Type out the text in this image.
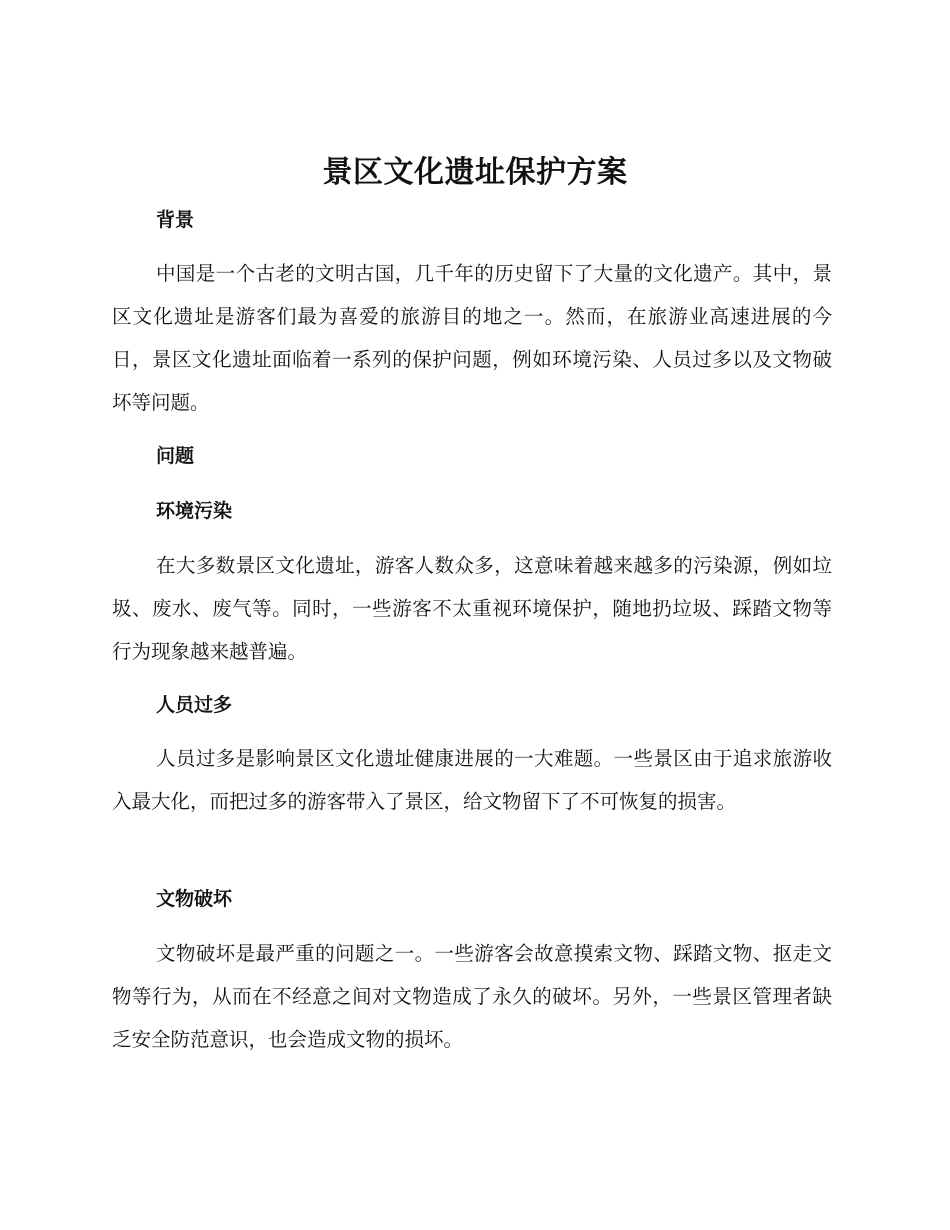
景区文化遗址保护方案
背景

中国是一个古老的文明古国，几千年的历史留下了大量的文化遗产。其中，景区文化遗址是游客们最为喜爱的旅游目的地之一。然而，在旅游业高速进展的今日，景区文化遗址面临着一系列的保护问题，例如环境污染、人员过多以及文物破坏等问题。

问题
环境污染

在大多数景区文化遗址，游客人数众多，这意味着越来越多的污染源，例如垃圾、废水、废气等。同时，一些游客不太重视环境保护，随地扔垃圾、踩踏文物等行为现象越来越普遍。

人员过多

人员过多是影响景区文化遗址健康进展的一大难题。一些景区由于追求旅游收入最大化，而把过多的游客带入了景区，给文物留下了不可恢复的损害。

文物破坏

文物破坏是最严重的问题之一。一些游客会故意摸索文物、踩踏文物、抠走文物等行为，从而在不经意之间对文物造成了永久的破坏。另外，一些景区管理者缺乏安全防范意识，也会造成文物的损坏。
